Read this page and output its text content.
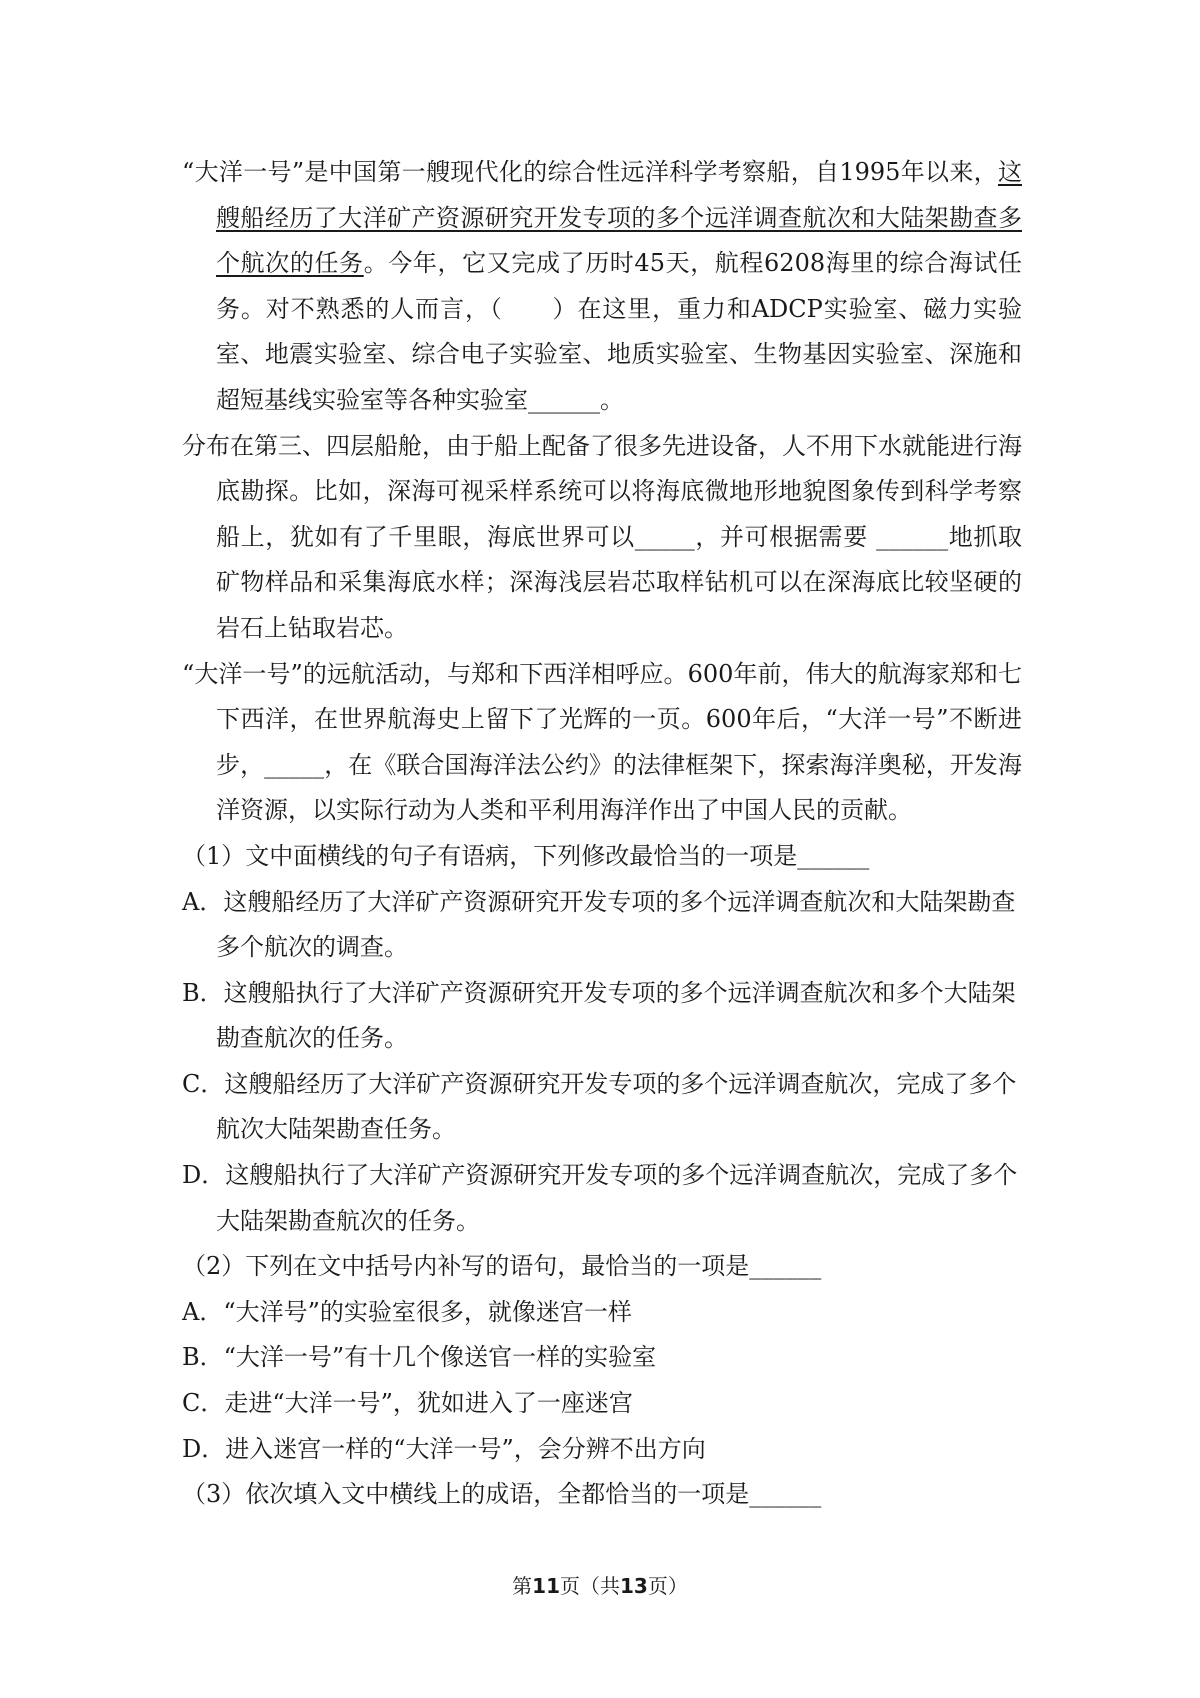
“大洋一号”是中国第一艘现代化的综合性远洋科学考察船，自1995年以来，这艘船经历了大洋矿产资源研究开发专项的多个远洋调查航次和大陆架勘查多个航次的任务。今年，它又完成了历时45天，航程6208海里的综合海试任务。对不熟悉的人而言，（　　）在这里，重力和ADCP实验室、磁力实验室、地震实验室、综合电子实验室、地质实验室、生物基因实验室、深施和超短基线实验室等各种实验室______。

分布在第三、四层船舱，由于船上配备了很多先进设备，人不用下水就能进行海底勘探。比如，深海可视采样系统可以将海底微地形地貌图象传到科学考察船上，犹如有了千里眼，海底世界可以_____，并可根据需要 ______地抓取矿物样品和采集海底水样；深海浅层岩芯取样钻机可以在深海底比较坚硬的岩石上钻取岩芯。

“大洋一号”的远航活动，与郑和下西洋相呼应。600年前，伟大的航海家郑和七下西洋，在世界航海史上留下了光辉的一页。600年后，“大洋一号”不断进步，_____，在《联合国海洋法公约》的法律框架下，探索海洋奥秘，开发海洋资源，以实际行动为人类和平利用海洋作出了中国人民的贡献。

（1）文中面横线的句子有语病，下列修改最恰当的一项是______

A．这艘船经历了大洋矿产资源研究开发专项的多个远洋调查航次和大陆架勘查多个航次的调查。

B．这艘船执行了大洋矿产资源研究开发专项的多个远洋调查航次和多个大陆架勘查航次的任务。

C．这艘船经历了大洋矿产资源研究开发专项的多个远洋调查航次，完成了多个航次大陆架勘查任务。

D．这艘船执行了大洋矿产资源研究开发专项的多个远洋调查航次，完成了多个大陆架勘查航次的任务。

（2）下列在文中括号内补写的语句，最恰当的一项是______

A．“大洋号”的实验室很多，就像迷宫一样

B．“大洋一号”有十几个像送官一样的实验室

C．走进“大洋一号”，犹如进入了一座迷宫

D．进入迷宫一样的“大洋一号”，会分辨不出方向

（3）依次填入文中横线上的成语，全都恰当的一项是______

第11页（共13页）
